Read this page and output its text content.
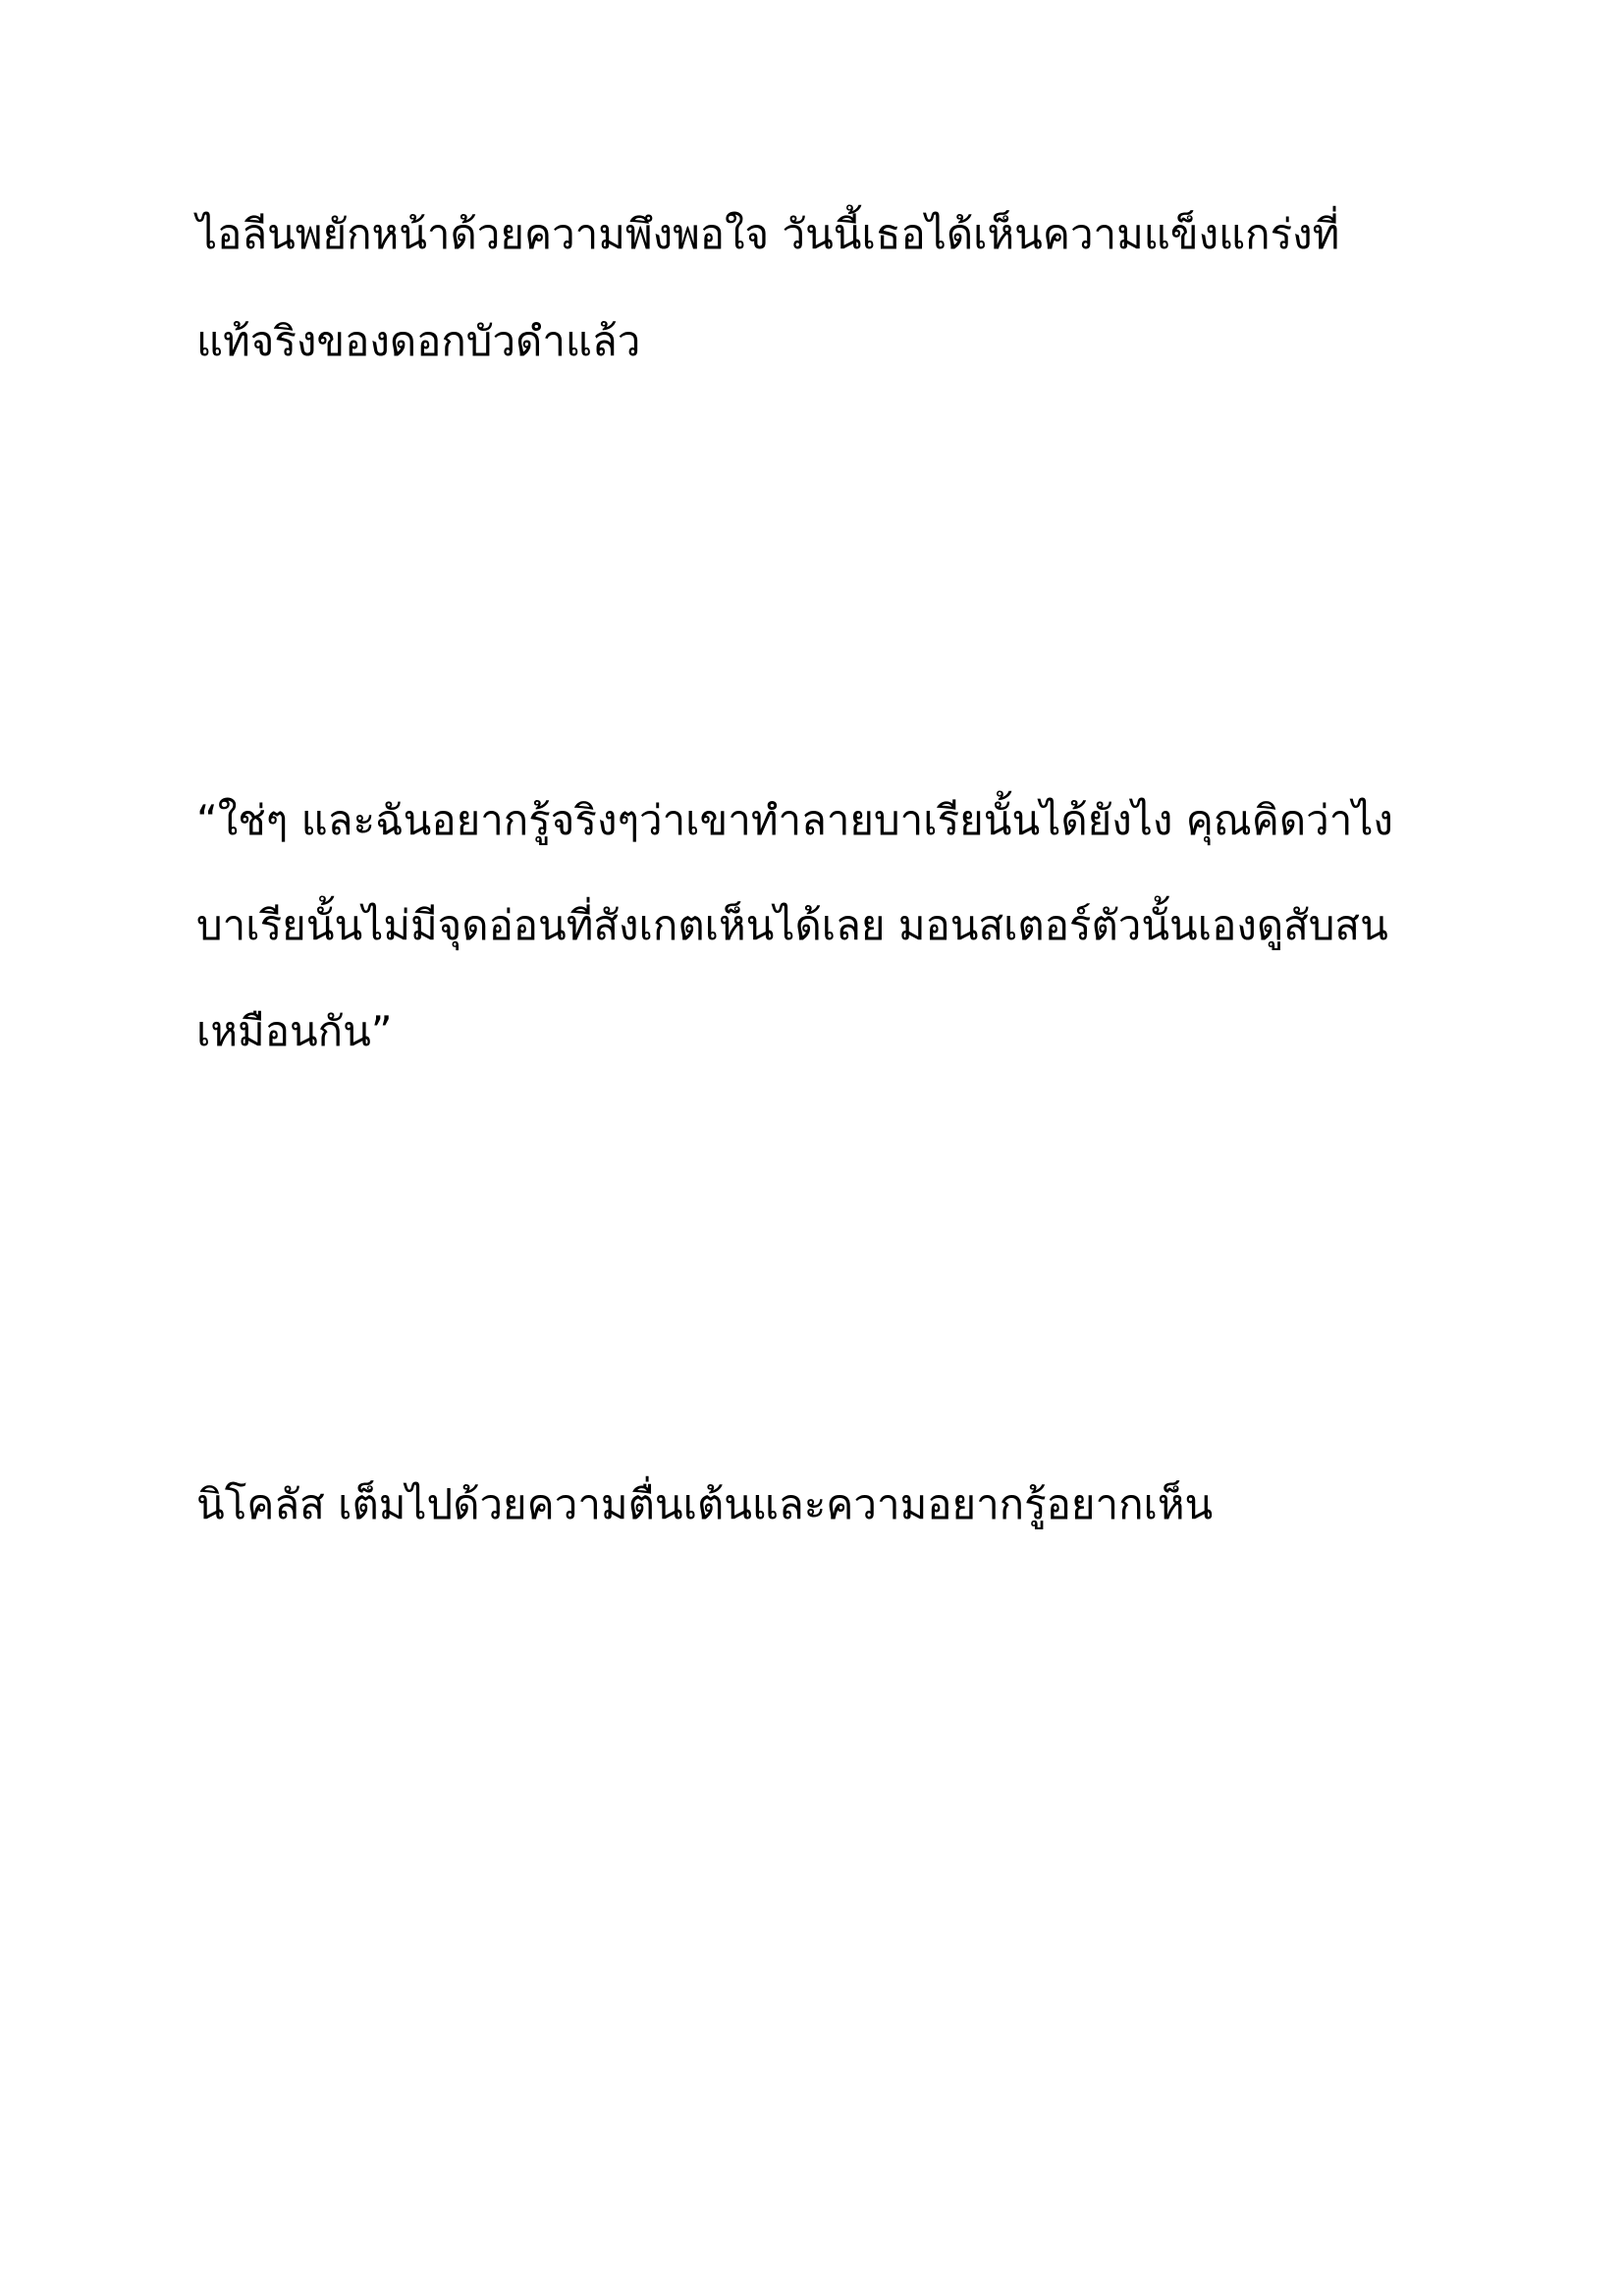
ไอลีนพยักหน้าด้วยความพึงพอใจ วันนี้เธอได้เห็นความแข็งแกร่งที่
แท้จริงของดอกบัวดำแล้ว
“ใช่ๆ และฉันอยากรู้จริงๆว่าเขาทำลายบาเรียนั้นได้ยังไง คุณคิดว่าไง
บาเรียนั้นไม่มีจุดอ่อนที่สังเกตเห็นได้เลย มอนสเตอร์ตัวนั้นเองดูสับสน
เหมือนกัน”
นิโคลัส เต็มไปด้วยความตื่นเต้นและความอยากรู้อยากเห็น
